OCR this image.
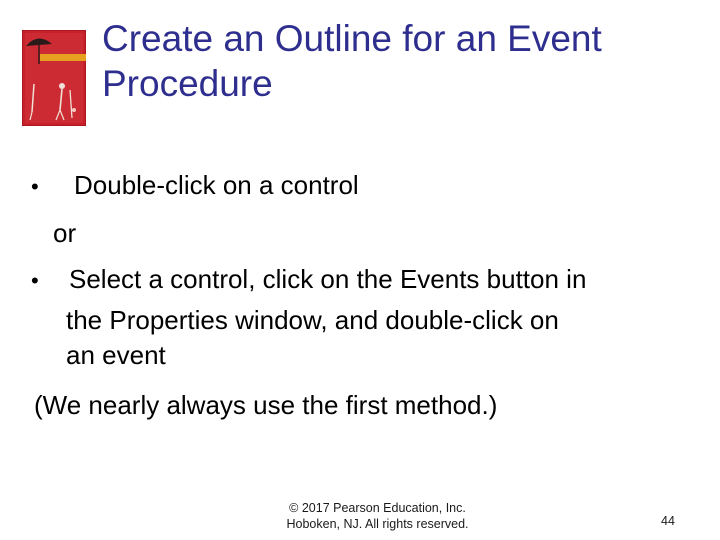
Create an Outline for an Event Procedure
• Double-click on a control
or
• Select a control, click on the Events button in
the Properties window, and double-click on
an event
(We nearly always use the first method.)
© 2017 Pearson Education, Inc.
Hoboken, NJ. All rights reserved.	44
